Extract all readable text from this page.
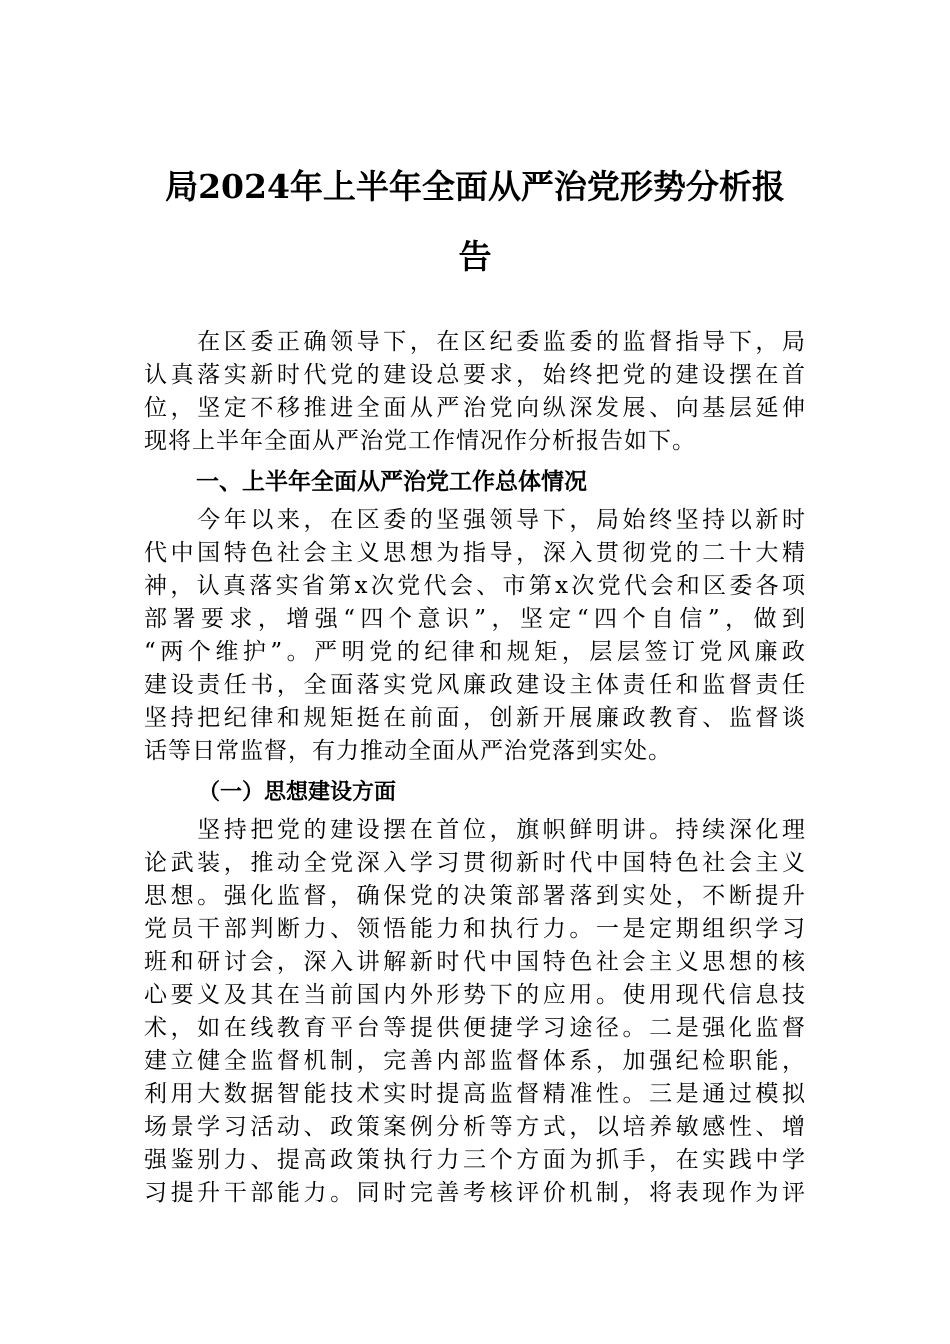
局2024年上半年全面从严治党形势分析报
告
　　在区委正确领导下，在区纪委监委的监督指导下，局
认真落实新时代党的建设总要求，始终把党的建设摆在首
位，坚定不移推进全面从严治党向纵深发展、向基层延伸
现将上半年全面从严治党工作情况作分析报告如下。
一、上半年全面从严治党工作总体情况
　　今年以来，在区委的坚强领导下，局始终坚持以新时
代中国特色社会主义思想为指导，深入贯彻党的二十大精
神，认真落实省第x次党代会、市第x次党代会和区委各项
部署要求，增强“四个意识”，坚定“四个自信”，做到
“两个维护”。严明党的纪律和规矩，层层签订党风廉政
建设责任书，全面落实党风廉政建设主体责任和监督责任
坚持把纪律和规矩挺在前面，创新开展廉政教育、监督谈
话等日常监督，有力推动全面从严治党落到实处。
（一）思想建设方面
　　坚持把党的建设摆在首位，旗帜鲜明讲。持续深化理
论武装，推动全党深入学习贯彻新时代中国特色社会主义
思想。强化监督，确保党的决策部署落到实处，不断提升
党员干部判断力、领悟能力和执行力。一是定期组织学习
班和研讨会，深入讲解新时代中国特色社会主义思想的核
心要义及其在当前国内外形势下的应用。使用现代信息技
术，如在线教育平台等提供便捷学习途径。二是强化监督
建立健全监督机制，完善内部监督体系，加强纪检职能，
利用大数据智能技术实时提高监督精准性。三是通过模拟
场景学习活动、政策案例分析等方式，以培养敏感性、增
强鉴别力、提高政策执行力三个方面为抓手，在实践中学
习提升干部能力。同时完善考核评价机制，将表现作为评
